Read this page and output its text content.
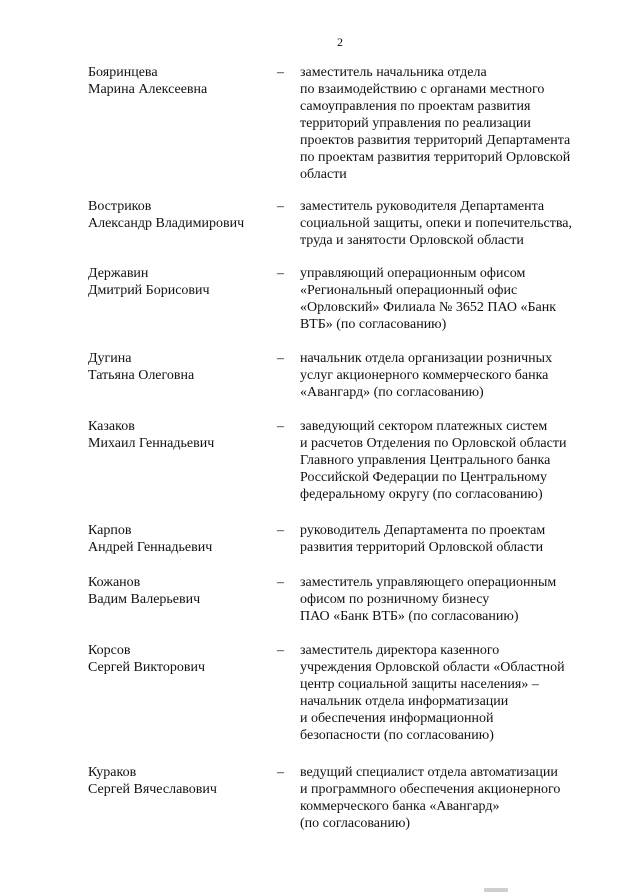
2
Бояринцева
Марина Алексеевна
– заместитель начальника отдела
по взаимодействию с органами местного
самоуправления по проектам развития
территорий управления по реализации
проектов развития территорий Департамента
по проектам развития территорий Орловской
области
Востриков
Александр Владимирович
– заместитель руководителя Департамента
социальной защиты, опеки и попечительства,
труда и занятости Орловской области
Державин
Дмитрий Борисович
– управляющий операционным офисом
«Региональный операционный офис
«Орловский» Филиала № 3652 ПАО «Банк
ВТБ» (по согласованию)
Дугина
Татьяна Олеговна
– начальник отдела организации розничных
услуг акционерного коммерческого банка
«Авангард» (по согласованию)
Казаков
Михаил Геннадьевич
– заведующий сектором платежных систем
и расчетов Отделения по Орловской области
Главного управления Центрального банка
Российской Федерации по Центральному
федеральному округу (по согласованию)
Карпов
Андрей Геннадьевич
– руководитель Департамента по проектам
развития территорий Орловской области
Кожанов
Вадим Валерьевич
– заместитель управляющего операционным
офисом по розничному бизнесу
ПАО «Банк ВТБ» (по согласованию)
Корсов
Сергей Викторович
– заместитель директора казенного
учреждения Орловской области «Областной
центр социальной защиты населения» –
начальник отдела информатизации
и обеспечения информационной
безопасности (по согласованию)
Кураков
Сергей Вячеславович
– ведущий специалист отдела автоматизации
и программного обеспечения акционерного
коммерческого банка «Авангард»
(по согласованию)
